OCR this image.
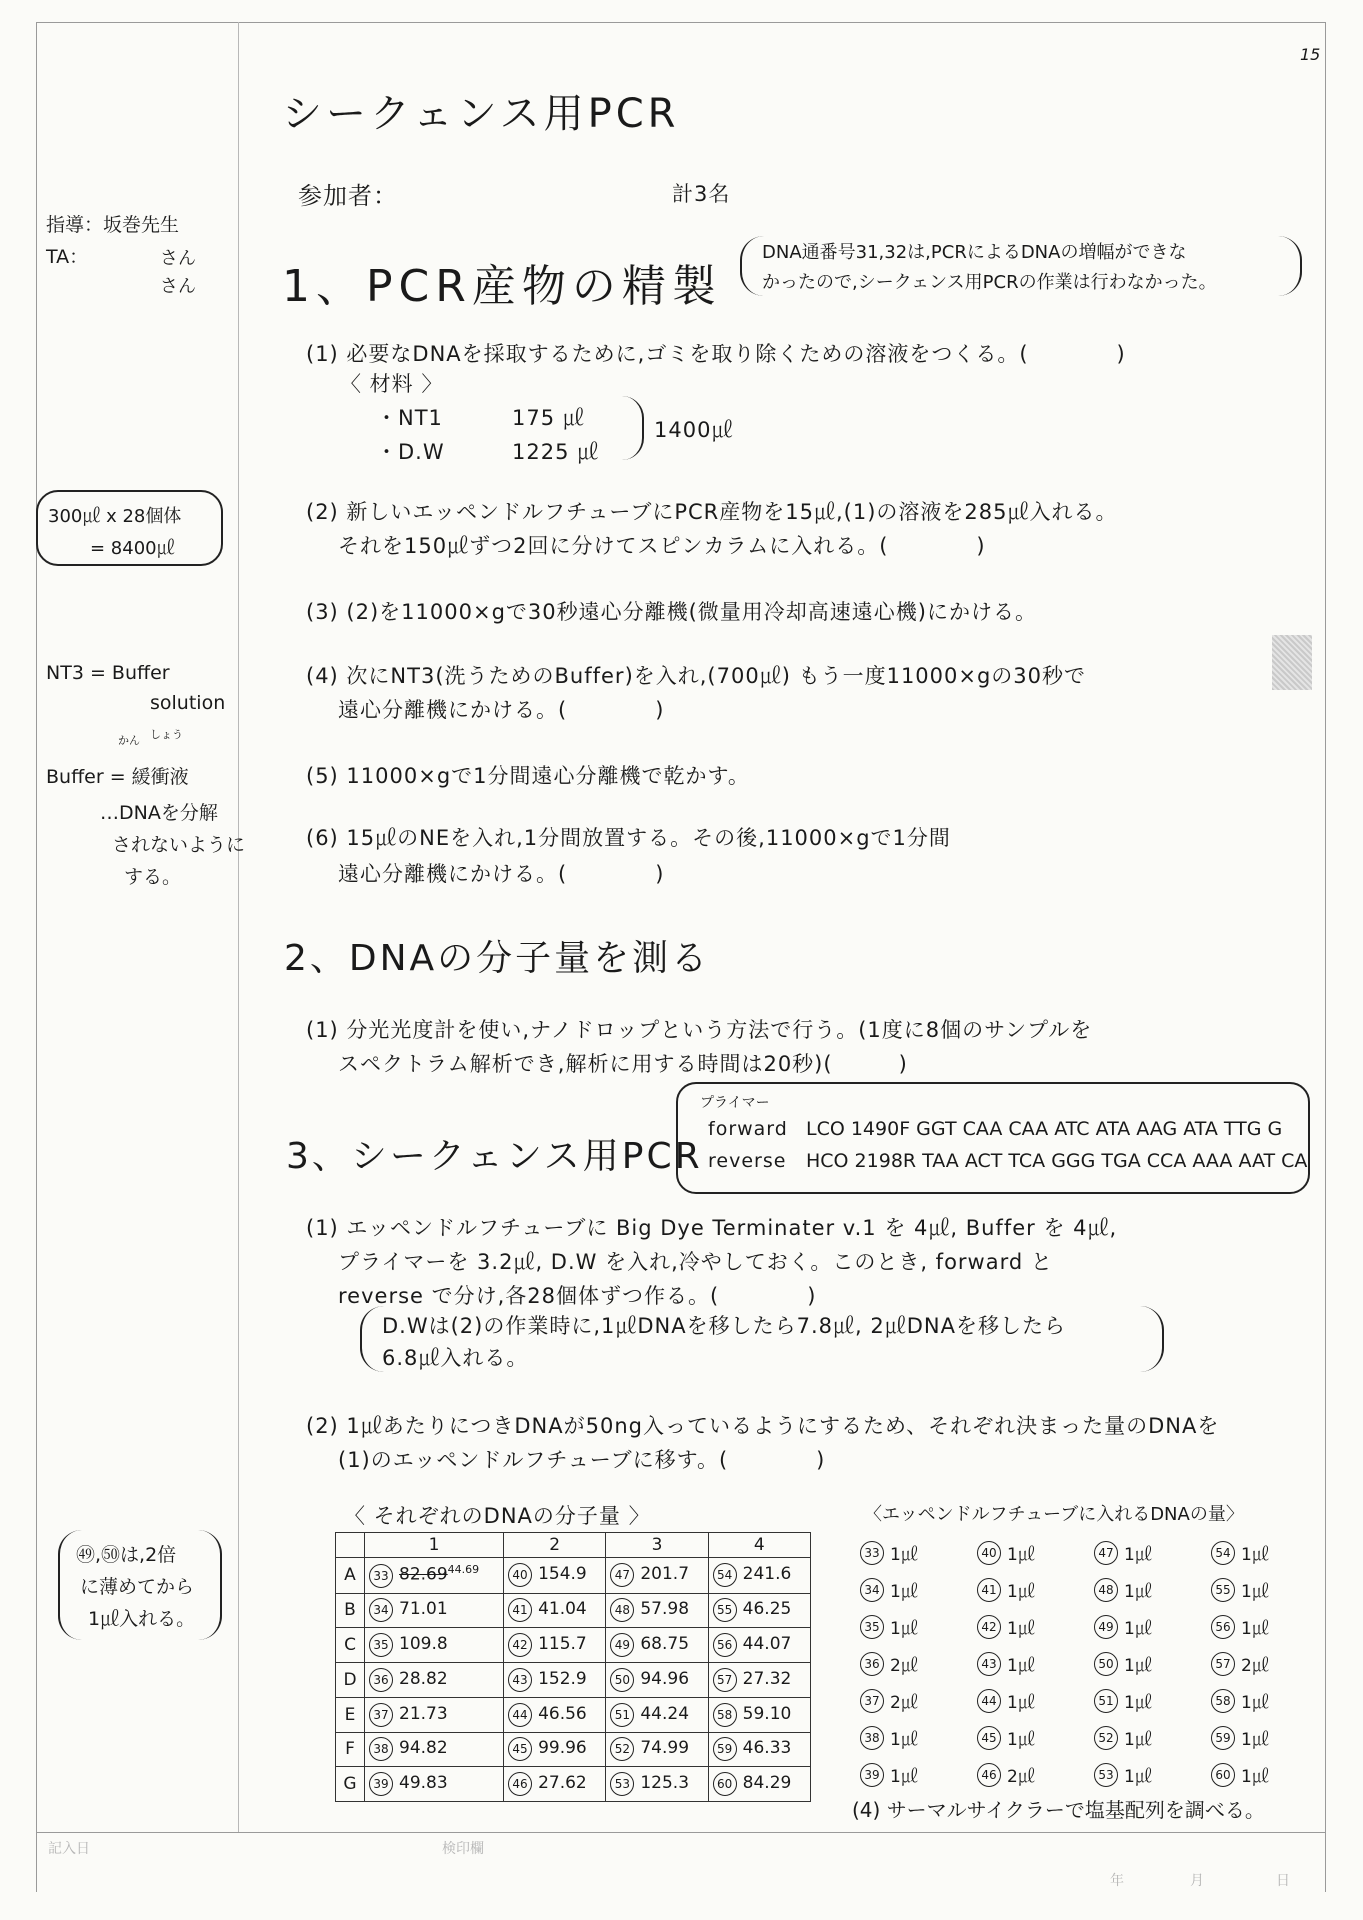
15
シークェンス用PCR
参加者：	計3名
指導：坂巻先生
TA：	さん
さん
300㎕ x 28個体
= 8400㎕
NT3 = Buffer
solution
かん しょう
Buffer = 緩衝液
…DNAを分解
されないように
する。
㊾,㊿は,2倍
に薄めてから
1㎕入れる。
1、PCR産物の精製
DNA通番号31,32は,PCRによるDNAの増幅ができな
かったので,シークェンス用PCRの作業は行わなかった。
(1) 必要なDNAを採取するために,ゴミを取り除くための溶液をつくる。(　　　　)
〈 材料 〉
・NT1	175 ㎕
・D.W	1225 ㎕
1400㎕
(2) 新しいエッペンドルフチューブにPCR産物を15㎕,(1)の溶液を285㎕入れる。
それを150㎕ずつ2回に分けてスピンカラムに入れる。(　　　　)
(3) (2)を11000×gで30秒遠心分離機(微量用冷却高速遠心機)にかける。
(4) 次にNT3(洗うためのBuffer)を入れ,(700㎕) もう一度11000×gの30秒で
遠心分離機にかける。(　　　　)
(5) 11000×gで1分間遠心分離機で乾かす。
(6) 15㎕のNEを入れ,1分間放置する。その後,11000×gで1分間
遠心分離機にかける。(　　　　)
2、DNAの分子量を測る
(1) 分光光度計を使い,ナノドロップという方法で行う。(1度に8個のサンプルを
スペクトラム解析でき,解析に用する時間は20秒)(　　　)
3、シークェンス用PCR
プライマー
forward LCO 1490F GGT CAA CAA ATC ATA AAG ATA TTG G
reverse HCO 2198R TAA ACT TCA GGG TGA CCA AAA AAT CA
(1) エッペンドルフチューブに Big Dye Terminater v.1 を 4㎕, Buffer を 4㎕,
プライマーを 3.2㎕, D.W を入れ,冷やしておく。このとき, forward と
reverse で分け,各28個体ずつ作る。(　　　　)
D.Wは(2)の作業時に,1㎕DNAを移したら7.8㎕, 2㎕DNAを移したら
6.8㎕入れる。
(2) 1㎕あたりにつきDNAが50ng入っているようにするため、それぞれ決まった量のDNAを
(1)のエッペンドルフチューブに移す。(　　　　)
〈 それぞれのDNAの分子量 〉
	1	2	3	4
A	33 $82.69^{44.69}$	40 154.9	47 201.7	54 241.6
B	34 71.01	41 41.04	48 57.98	55 46.25
C	35 109.8	42 115.7	49 68.75	56 44.07
D	36 28.82	43 152.9	50 94.96	57 27.32
E	37 21.73	44 46.56	51 44.24	58 59.10
F	38 94.82	45 99.96	52 74.99	59 46.33
G	39 49.83	46 27.62	53 125.3	60 84.29
〈エッペンドルフチューブに入れるDNAの量〉
33 1㎕	40 1㎕	47 1㎕	54 1㎕
34 1㎕	41 1㎕	48 1㎕	55 1㎕
35 1㎕	42 1㎕	49 1㎕	56 1㎕
36 2㎕	43 1㎕	50 1㎕	57 2㎕
37 2㎕	44 1㎕	51 1㎕	58 1㎕
38 1㎕	45 1㎕	52 1㎕	59 1㎕
39 1㎕	46 2㎕	53 1㎕	60 1㎕
(4) サーマルサイクラーで塩基配列を調べる。
記入日	検印欄
年	月	日
